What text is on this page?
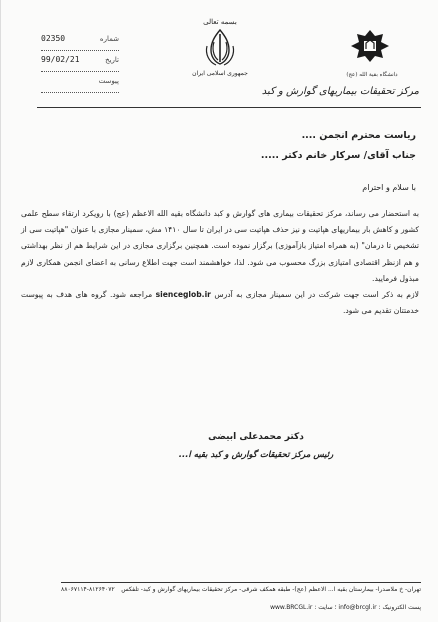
02350	شماره
99/02/21	تاریخ
پیوست
بسمه تعالی
جمهوری اسلامی ایران	دانشگاه بقیة الله (عج)
مرکز تحقیقات بیماریهای گوارش و کبد
ریاست محترم انجمن ....
جناب آقای/ سرکار خانم دکتر .....
با سلام و احترام

به استحضار می رساند، مرکز تحقیقات بیماری های گوارش و کبد دانشگاه بقیه الله الاعظم (عج) با رویکرد ارتقاء سطح علمی کشور و کاهش بار بیماریهای هپاتیت و نیز حذف هپاتیت سی در ایران تا سال ۱۴۱۰ مش، سمینار مجازی با عنوان "هپاتیت سی از تشخیص تا درمان" (به همراه امتیاز بازآموزی) برگزار نموده است. همچنین برگزاری مجازی در این شرایط هم از نظر بهداشتی و هم ازنظر اقتصادی امتیازی بزرگ محسوب می شود. لذا، خواهشمند است جهت اطلاع رسانی به اعضای انجمن همکاری لازم مبذول فرمایید.

لازم به ذکر است جهت شرکت در این سمینار مجازی به آدرس sienceglob.ir مراجعه شود. گروه های هدف به پیوست خدمتتان تقدیم می شود.

دکتر محمدعلی ابیضی
رئیس مرکز تحقیقات گوارش و کبد بقیه ا...
تهران- خ ملاصدرا- بیمارستان بقیه ا... الاعظم (عج)- طبقه همکف شرقی- مرکز تحقیقات بیماریهای گوارش و کبد- تلفکس
۸۸۰۶۷۱۱۴-۸۱۲۶۴۰۷۲
پست الکترونیک : info@brcgl.ir ؛ سایت : www.BRCGL.ir
